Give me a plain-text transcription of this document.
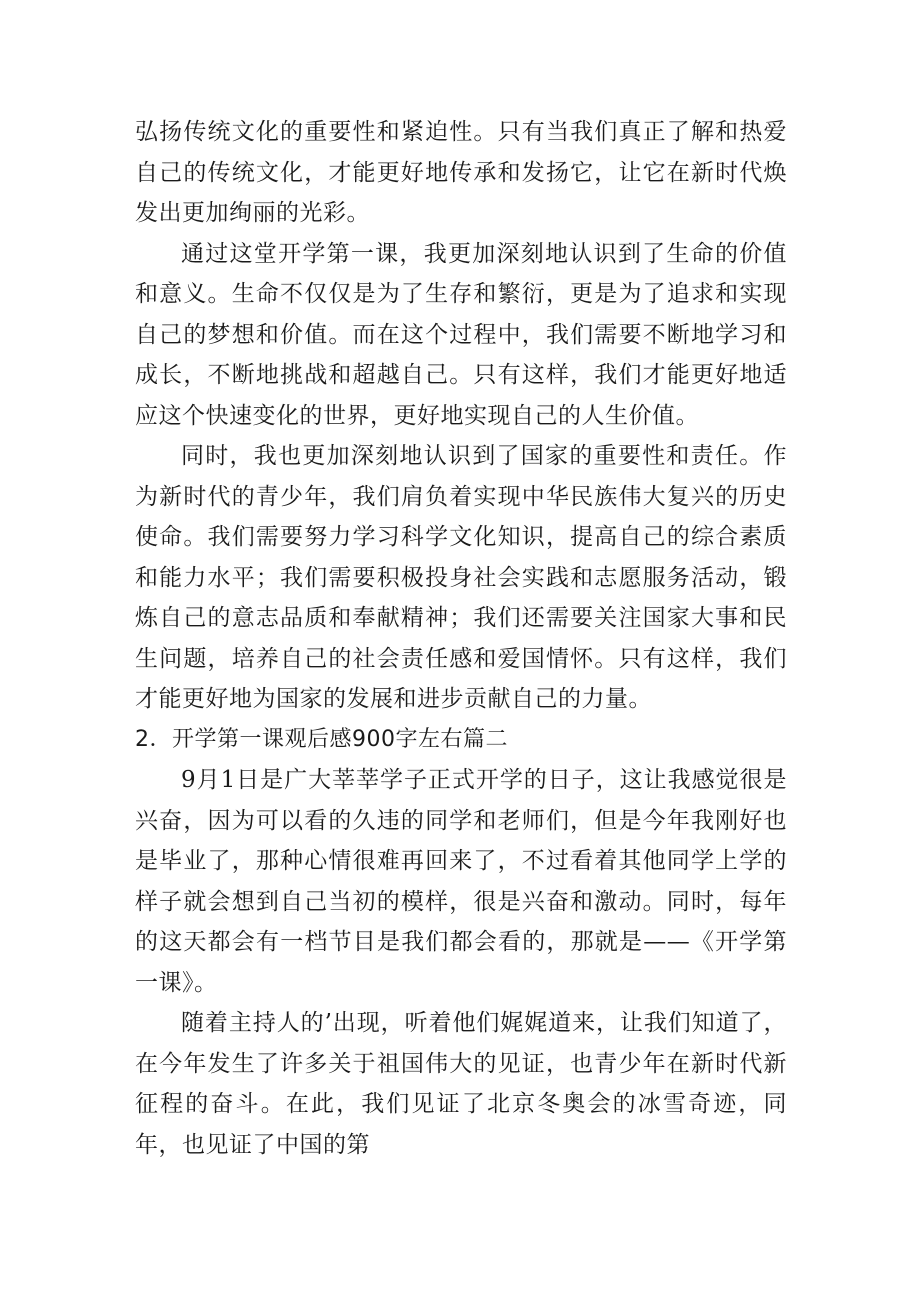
弘扬传统文化的重要性和紧迫性。只有当我们真正了解和热爱自己的传统文化，才能更好地传承和发扬它，让它在新时代焕发出更加绚丽的光彩。

通过这堂开学第一课，我更加深刻地认识到了生命的价值和意义。生命不仅仅是为了生存和繁衍，更是为了追求和实现自己的梦想和价值。而在这个过程中，我们需要不断地学习和成长，不断地挑战和超越自己。只有这样，我们才能更好地适应这个快速变化的世界，更好地实现自己的人生价值。

同时，我也更加深刻地认识到了国家的重要性和责任。作为新时代的青少年，我们肩负着实现中华民族伟大复兴的历史使命。我们需要努力学习科学文化知识，提高自己的综合素质和能力水平；我们需要积极投身社会实践和志愿服务活动，锻炼自己的意志品质和奉献精神；我们还需要关注国家大事和民生问题，培养自己的社会责任感和爱国情怀。只有这样，我们才能更好地为国家的发展和进步贡献自己的力量。

2．开学第一课观后感900字左右篇二

9月1日是广大莘莘学子正式开学的日子，这让我感觉很是兴奋，因为可以看的久违的同学和老师们，但是今年我刚好也是毕业了，那种心情很难再回来了，不过看着其他同学上学的样子就会想到自己当初的模样，很是兴奋和激动。同时，每年的这天都会有一档节目是我们都会看的，那就是——《开学第一课》。

随着主持人的’出现，听着他们娓娓道来，让我们知道了，在今年发生了许多关于祖国伟大的见证，也青少年在新时代新征程的奋斗。在此，我们见证了北京冬奥会的冰雪奇迹，同年，也见证了中国的第
